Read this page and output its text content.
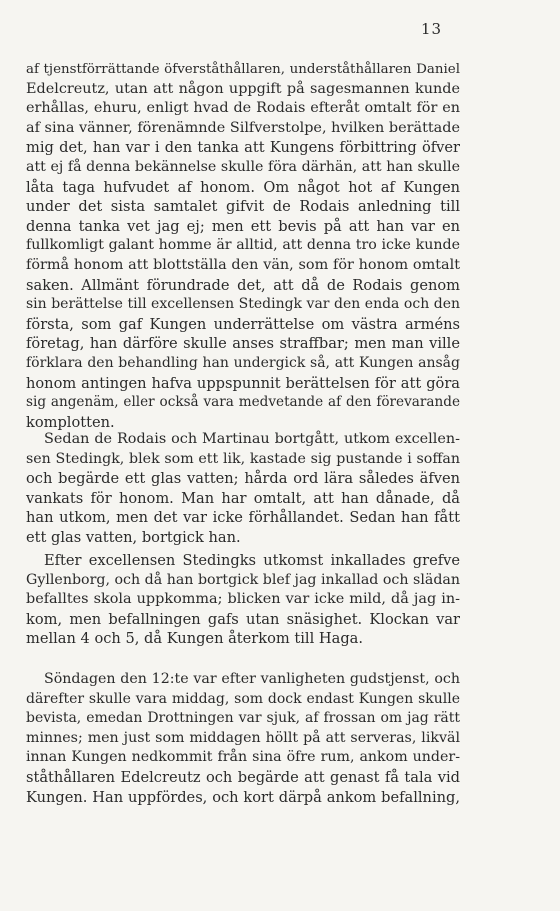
13
af tjenstförrättande öfverståthållaren, underståthållaren Daniel
Edelcreutz, utan att någon uppgift på sagesmannen kunde
erhållas, ehuru, enligt hvad de Rodais efteråt omtalt för en
af sina vänner, förenämnde Silfverstolpe, hvilken berättade
mig det, han var i den tanka att Kungens förbittring öfver
att ej få denna bekännelse skulle föra därhän, att han skulle
låta taga hufvudet af honom. Om något hot af Kungen
under det sista samtalet gifvit de Rodais anledning till
denna tanka vet jag ej; men ett bevis på att han var en
fullkomligt galant homme är alltid, att denna tro icke kunde
förmå honom att blottställa den vän, som för honom omtalt
saken. Allmänt förundrade det, att då de Rodais genom
sin berättelse till excellensen Stedingk var den enda och den
första, som gaf Kungen underrättelse om västra arméns
företag, han därföre skulle anses straffbar; men man ville
förklara den behandling han undergick så, att Kungen ansåg
honom antingen hafva uppspunnit berättelsen för att göra
sig angenäm, eller också vara medvetande af den förevarande
komplotten.
Sedan de Rodais och Martinau bortgått, utkom excellen-
sen Stedingk, blek som ett lik, kastade sig pustande i soffan
och begärde ett glas vatten; hårda ord lära således äfven
vankats för honom. Man har omtalt, att han dånade, då
han utkom, men det var icke förhållandet. Sedan han fått
ett glas vatten, bortgick han.
Efter excellensen Stedingks utkomst inkallades grefve
Gyllenborg, och då han bortgick blef jag inkallad och slädan
befalltes skola uppkomma; blicken var icke mild, då jag in-
kom, men befallningen gafs utan snäsighet. Klockan var
mellan 4 och 5, då Kungen återkom till Haga.
Söndagen den 12:te var efter vanligheten gudstjenst, och
därefter skulle vara middag, som dock endast Kungen skulle
bevista, emedan Drottningen var sjuk, af frossan om jag rätt
minnes; men just som middagen höllt på att serveras, likväl
innan Kungen nedkommit från sina öfre rum, ankom under-
ståthållaren Edelcreutz och begärde att genast få tala vid
Kungen. Han uppfördes, och kort därpå ankom befallning,
